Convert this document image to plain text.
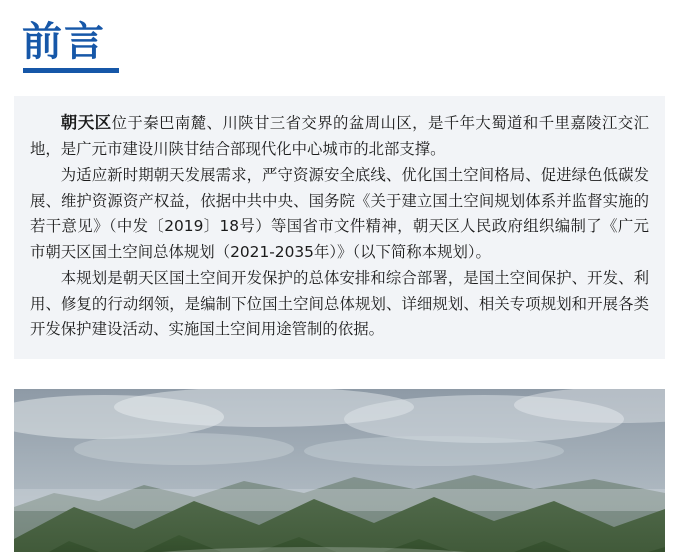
前言

朝天区位于秦巴南麓、川陕甘三省交界的盆周山区，是千年大蜀道和千里嘉陵江交汇地，是广元市建设川陕甘结合部现代化中心城市的北部支撑。

为适应新时期朝天发展需求，严守资源安全底线、优化国土空间格局、促进绿色低碳发展、维护资源资产权益，依据中共中央、国务院《关于建立国土空间规划体系并监督实施的若干意见》（中发〔2019〕18号）等国省市文件精神，朝天区人民政府组织编制了《广元市朝天区国土空间总体规划（2021-2035年）》（以下简称本规划）。

本规划是朝天区国土空间开发保护的总体安排和综合部署，是国土空间保护、开发、利用、修复的行动纲领，是编制下位国土空间总体规划、详细规划、相关专项规划和开展各类开发保护建设活动、实施国土空间用途管制的依据。
